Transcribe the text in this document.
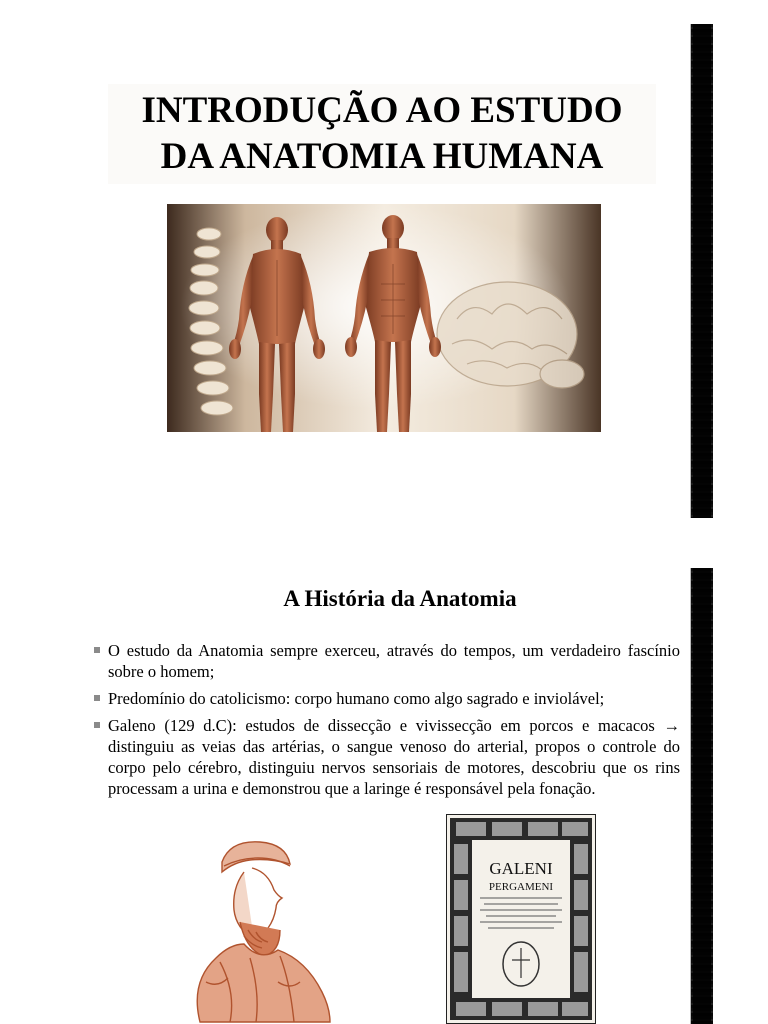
INTRODUÇÃO AO ESTUDO
DA ANATOMIA HUMANA
A História da Anatomia
O estudo da Anatomia sempre exerceu, através do tempos, um verdadeiro fascínio sobre o homem;
Predomínio do catolicismo: corpo humano como algo sagrado e inviolável;
Galeno (129 d.C): estudos de dissecção e vivissecção em porcos e macacos → distinguiu as veias das artérias, o sangue venoso do arterial, propos o controle do corpo pelo cérebro, distinguiu nervos sensoriais de motores, descobriu que os rins processam a urina e demonstrou que a laringe é responsável pela fonação.
GALENI
PERGAMENI
